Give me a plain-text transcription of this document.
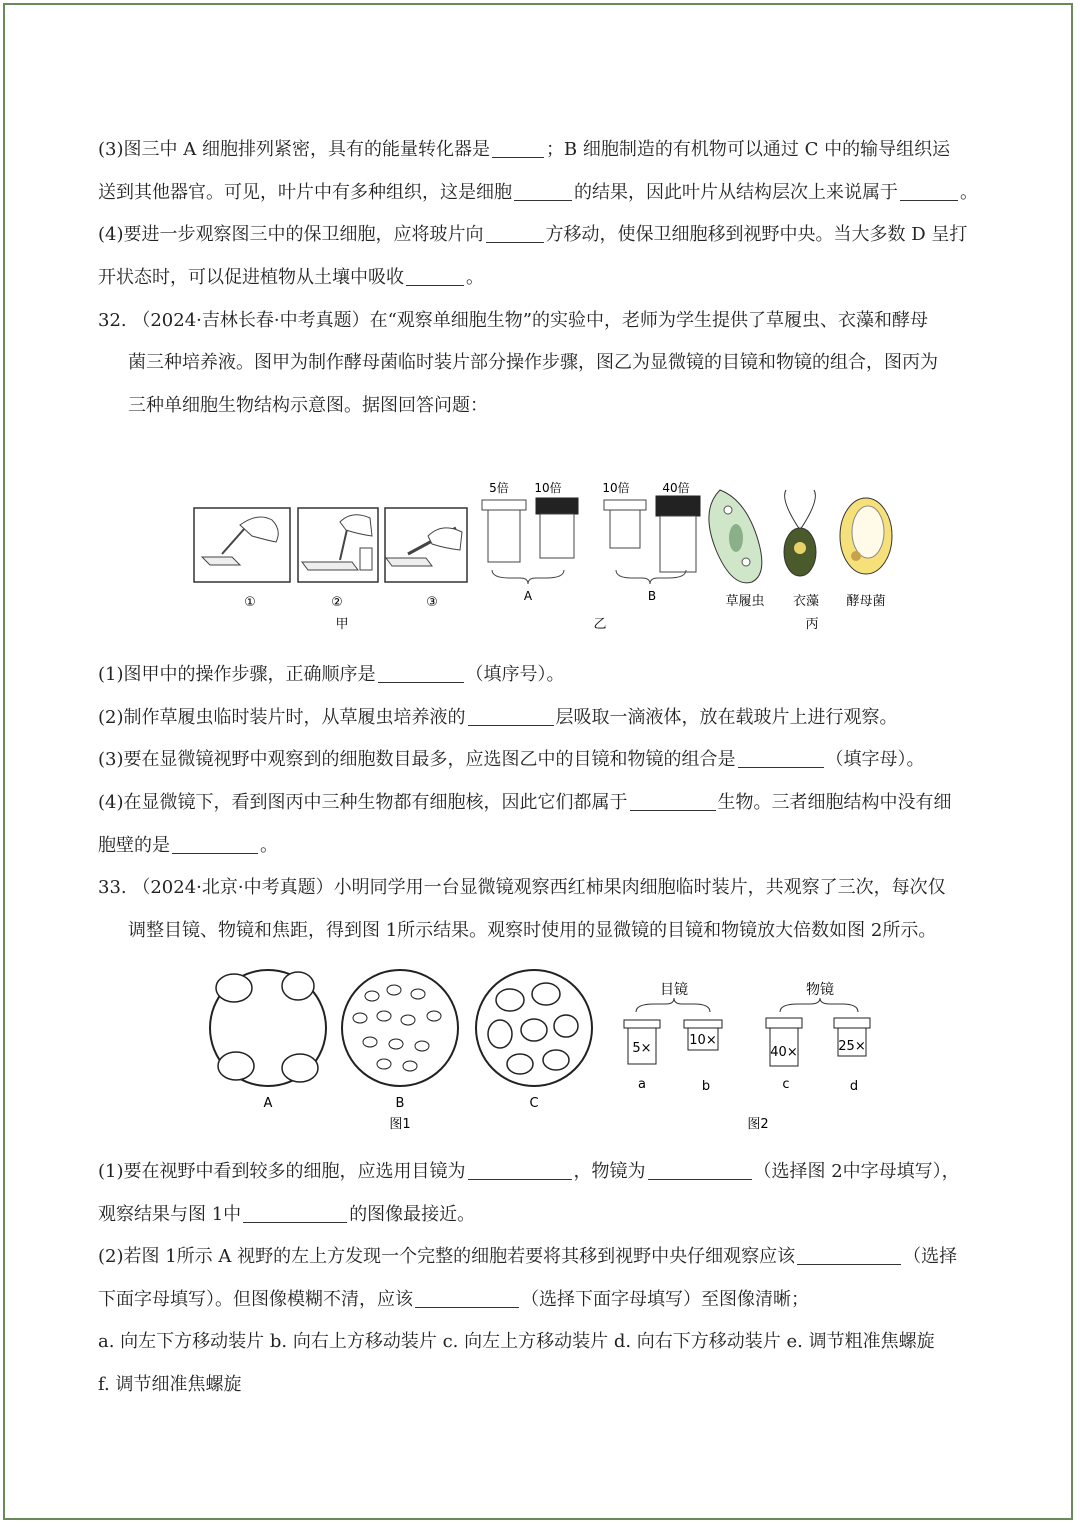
(3)图三中 A 细胞排列紧密，具有的能量转化器是	；B 细胞制造的有机物可以通过 C 中的输导组织运
送到其他器官。可见，叶片中有多种组织，这是细胞	的结果，因此叶片从结构层次上来说属于	。
(4)要进一步观察图三中的保卫细胞，应将玻片向	方移动，使保卫细胞移到视野中央。当大多数 D 呈打
开状态时，可以促进植物从土壤中吸收	。
32. （2024·吉林长春·中考真题）在“观察单细胞生物”的实验中，老师为学生提供了草履虫、衣藻和酵母
菌三种培养液。图甲为制作酵母菌临时装片部分操作步骤，图乙为显微镜的目镜和物镜的组合，图丙为
三种单细胞生物结构示意图。据图回答问题：
①	②	③
甲
5倍 10倍	10倍	40倍
A	B
乙
草履虫 衣藻 酵母菌
丙
(1)图甲中的操作步骤，正确顺序是	（填序号）。
(2)制作草履虫临时装片时，从草履虫培养液的	层吸取一滴液体，放在载玻片上进行观察。
(3)要在显微镜视野中观察到的细胞数目最多，应选图乙中的目镜和物镜的组合是	（填字母）。
(4)在显微镜下，看到图丙中三种生物都有细胞核，因此它们都属于	生物。三者细胞结构中没有细
胞壁的是	。
33. （2024·北京·中考真题）小明同学用一台显微镜观察西红柿果肉细胞临时装片，共观察了三次，每次仅
调整目镜、物镜和焦距，得到图 1所示结果。观察时使用的显微镜的目镜和物镜放大倍数如图 2所示。
A	B	C
图1
目镜	物镜
5×
10×
40×	25×
a	b	c	d
图2
(1)要在视野中看到较多的细胞，应选用目镜为	，物镜为	（选择图 2中字母填写），
观察结果与图 1中	的图像最接近。
(2)若图 1所示 A 视野的左上方发现一个完整的细胞若要将其移到视野中央仔细观察应该	（选择
下面字母填写）。但图像模糊不清，应该	（选择下面字母填写）至图像清晰；
a. 向左下方移动装片 b. 向右上方移动装片 c. 向左上方移动装片 d. 向右下方移动装片 e. 调节粗准焦螺旋
f. 调节细准焦螺旋
